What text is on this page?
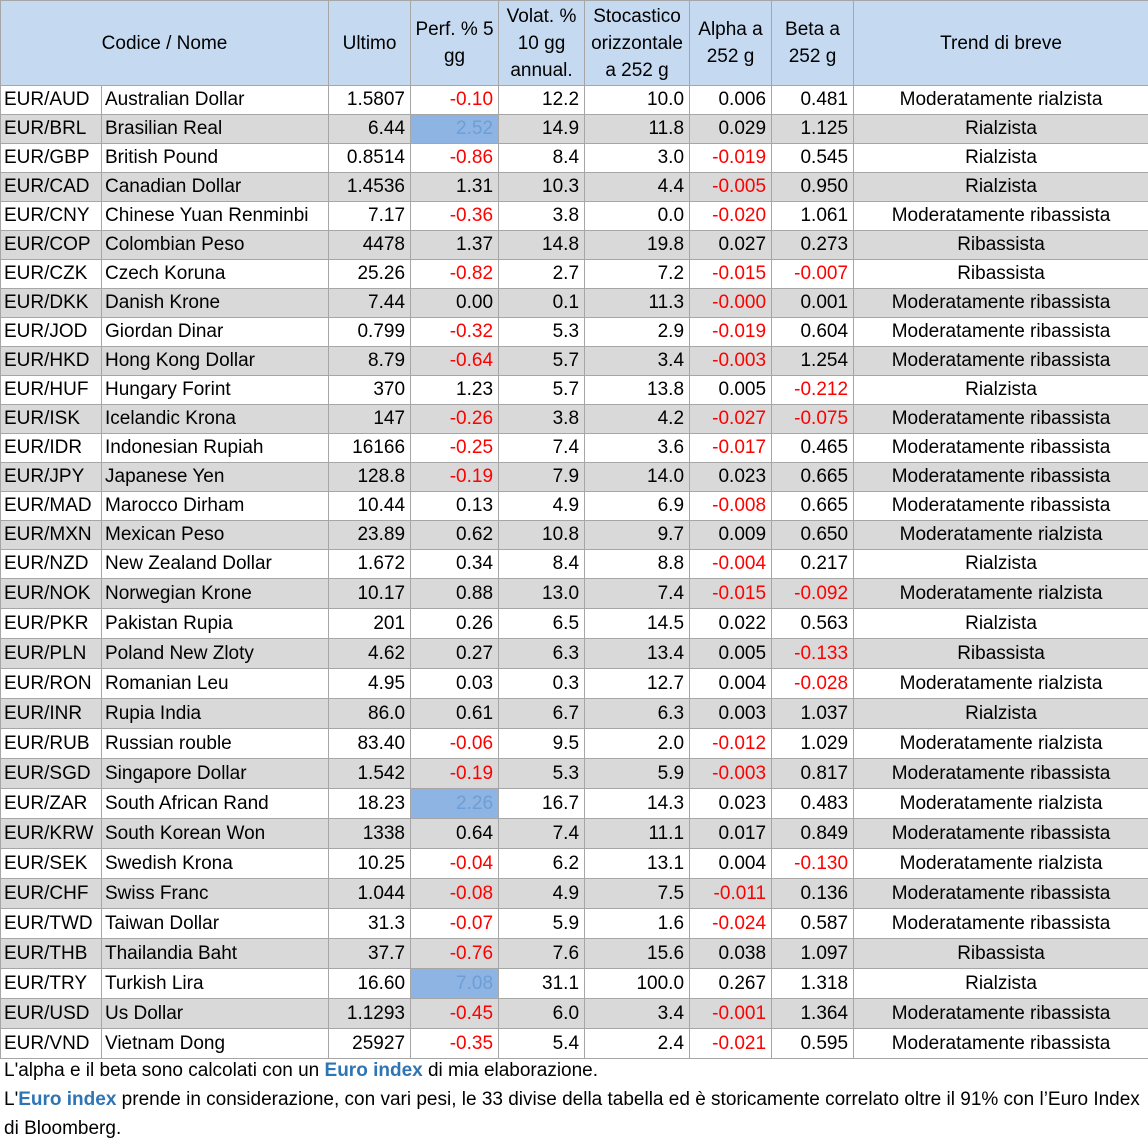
Codice / Nome		Ultimo	Perf. % 5 gg	Volat. % 10 gg annual.	Stocastico orizzontale a 252 g	Alpha a 252 g	Beta a 252 g	Trend di breve
EUR/AUD	Australian Dollar	1.5807	-0.10	12.2	10.0	0.006	0.481	Moderatamente rialzista
EUR/BRL	Brasilian Real	6.44	2.52	14.9	11.8	0.029	1.125	Rialzista
EUR/GBP	British Pound	0.8514	-0.86	8.4	3.0	-0.019	0.545	Rialzista
EUR/CAD	Canadian Dollar	1.4536	1.31	10.3	4.4	-0.005	0.950	Rialzista
EUR/CNY	Chinese Yuan Renminbi	7.17	-0.36	3.8	0.0	-0.020	1.061	Moderatamente ribassista
EUR/COP	Colombian Peso	4478	1.37	14.8	19.8	0.027	0.273	Ribassista
EUR/CZK	Czech Koruna	25.26	-0.82	2.7	7.2	-0.015	-0.007	Ribassista
EUR/DKK	Danish Krone	7.44	0.00	0.1	11.3	-0.000	0.001	Moderatamente ribassista
EUR/JOD	Giordan Dinar	0.799	-0.32	5.3	2.9	-0.019	0.604	Moderatamente ribassista
EUR/HKD	Hong Kong Dollar	8.79	-0.64	5.7	3.4	-0.003	1.254	Moderatamente ribassista
EUR/HUF	Hungary Forint	370	1.23	5.7	13.8	0.005	-0.212	Rialzista
EUR/ISK	Icelandic Krona	147	-0.26	3.8	4.2	-0.027	-0.075	Moderatamente ribassista
EUR/IDR	Indonesian Rupiah	16166	-0.25	7.4	3.6	-0.017	0.465	Moderatamente ribassista
EUR/JPY	Japanese Yen	128.8	-0.19	7.9	14.0	0.023	0.665	Moderatamente ribassista
EUR/MAD	Marocco Dirham	10.44	0.13	4.9	6.9	-0.008	0.665	Moderatamente ribassista
EUR/MXN	Mexican Peso	23.89	0.62	10.8	9.7	0.009	0.650	Moderatamente rialzista
EUR/NZD	New Zealand Dollar	1.672	0.34	8.4	8.8	-0.004	0.217	Rialzista
EUR/NOK	Norwegian Krone	10.17	0.88	13.0	7.4	-0.015	-0.092	Moderatamente rialzista
EUR/PKR	Pakistan Rupia	201	0.26	6.5	14.5	0.022	0.563	Rialzista
EUR/PLN	Poland New Zloty	4.62	0.27	6.3	13.4	0.005	-0.133	Ribassista
EUR/RON	Romanian Leu	4.95	0.03	0.3	12.7	0.004	-0.028	Moderatamente rialzista
EUR/INR	Rupia India	86.0	0.61	6.7	6.3	0.003	1.037	Rialzista
EUR/RUB	Russian rouble	83.40	-0.06	9.5	2.0	-0.012	1.029	Moderatamente rialzista
EUR/SGD	Singapore Dollar	1.542	-0.19	5.3	5.9	-0.003	0.817	Moderatamente ribassista
EUR/ZAR	South African Rand	18.23	2.26	16.7	14.3	0.023	0.483	Moderatamente rialzista
EUR/KRW	South Korean Won	1338	0.64	7.4	11.1	0.017	0.849	Moderatamente ribassista
EUR/SEK	Swedish Krona	10.25	-0.04	6.2	13.1	0.004	-0.130	Moderatamente rialzista
EUR/CHF	Swiss Franc	1.044	-0.08	4.9	7.5	-0.011	0.136	Moderatamente ribassista
EUR/TWD	Taiwan Dollar	31.3	-0.07	5.9	1.6	-0.024	0.587	Moderatamente ribassista
EUR/THB	Thailandia Baht	37.7	-0.76	7.6	15.6	0.038	1.097	Ribassista
EUR/TRY	Turkish Lira	16.60	7.08	31.1	100.0	0.267	1.318	Rialzista
EUR/USD	Us Dollar	1.1293	-0.45	6.0	3.4	-0.001	1.364	Moderatamente ribassista
EUR/VND	Vietnam Dong	25927	-0.35	5.4	2.4	-0.021	0.595	Moderatamente ribassista
L'alpha e il beta sono calcolati con un Euro index di mia elaborazione.
L'Euro index prende in considerazione, con vari pesi, le 33 divise della tabella ed è storicamente correlato oltre il 91% con l’Euro Index di Bloomberg.
